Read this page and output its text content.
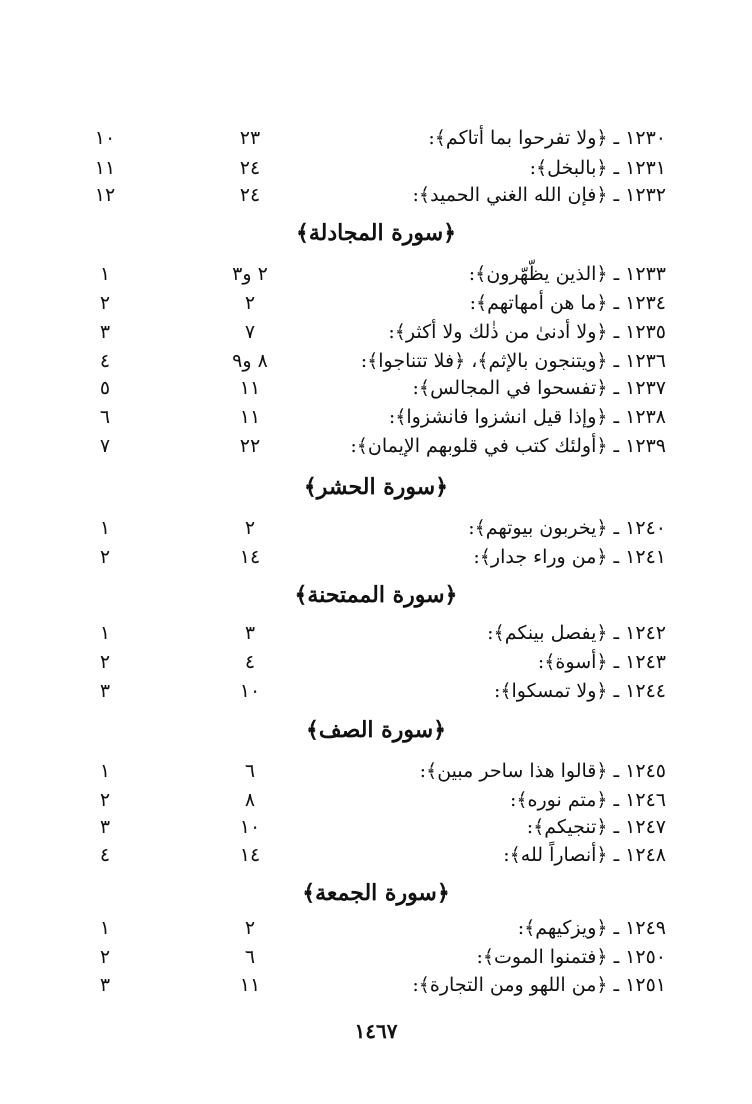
١٢٣٠ ـ ﴿ولا تفرحوا بما أتاكم﴾:
٢٣
١٠
١٢٣١ ـ ﴿بالبخل﴾:
٢٤
١١
١٢٣٢ ـ ﴿فإن الله الغني الحميد﴾:
٢٤
١٢
﴿سورة المجادلة﴾
١٢٣٣ ـ ﴿الذين يظّهّرون﴾:
٢ و٣
١
١٢٣٤ ـ ﴿ما هن أمهاتهم﴾:
٢
٢
١٢٣٥ ـ ﴿ولا أدنىٰ من ذٰلك ولا أكثر﴾:
٧
٣
١٢٣٦ ـ ﴿ويتنجون بالإثم﴾، ﴿فلا تتناجوا﴾:
٨ و٩
٤
١٢٣٧ ـ ﴿تفسحوا في المجالس﴾:
١١
٥
١٢٣٨ ـ ﴿وإذا قيل انشزوا فانشزوا﴾:
١١
٦
١٢٣٩ ـ ﴿أولئك كتب في قلوبهم الإيمان﴾:
٢٢
٧
﴿سورة الحشر﴾
١٢٤٠ ـ ﴿يخربون بيوتهم﴾:
٢
١
١٢٤١ ـ ﴿من وراء جدار﴾:
١٤
٢
﴿سورة الممتحنة﴾
١٢٤٢ ـ ﴿يفصل بينكم﴾:
٣
١
١٢٤٣ ـ ﴿أسوة﴾:
٤
٢
١٢٤٤ ـ ﴿ولا تمسكوا﴾:
١٠
٣
﴿سورة الصف﴾
١٢٤٥ ـ ﴿قالوا هذا ساحر مبين﴾:
٦
١
١٢٤٦ ـ ﴿متم نوره﴾:
٨
٢
١٢٤٧ ـ ﴿تنجيكم﴾:
١٠
٣
١٢٤٨ ـ ﴿أنصاراً لله﴾:
١٤
٤
﴿سورة الجمعة﴾
١٢٤٩ ـ ﴿ويزكيهم﴾:
٢
١
١٢٥٠ ـ ﴿فتمنوا الموت﴾:
٦
٢
١٢٥١ ـ ﴿من اللهو ومن التجارة﴾:
١١
٣
١٤٦٧
